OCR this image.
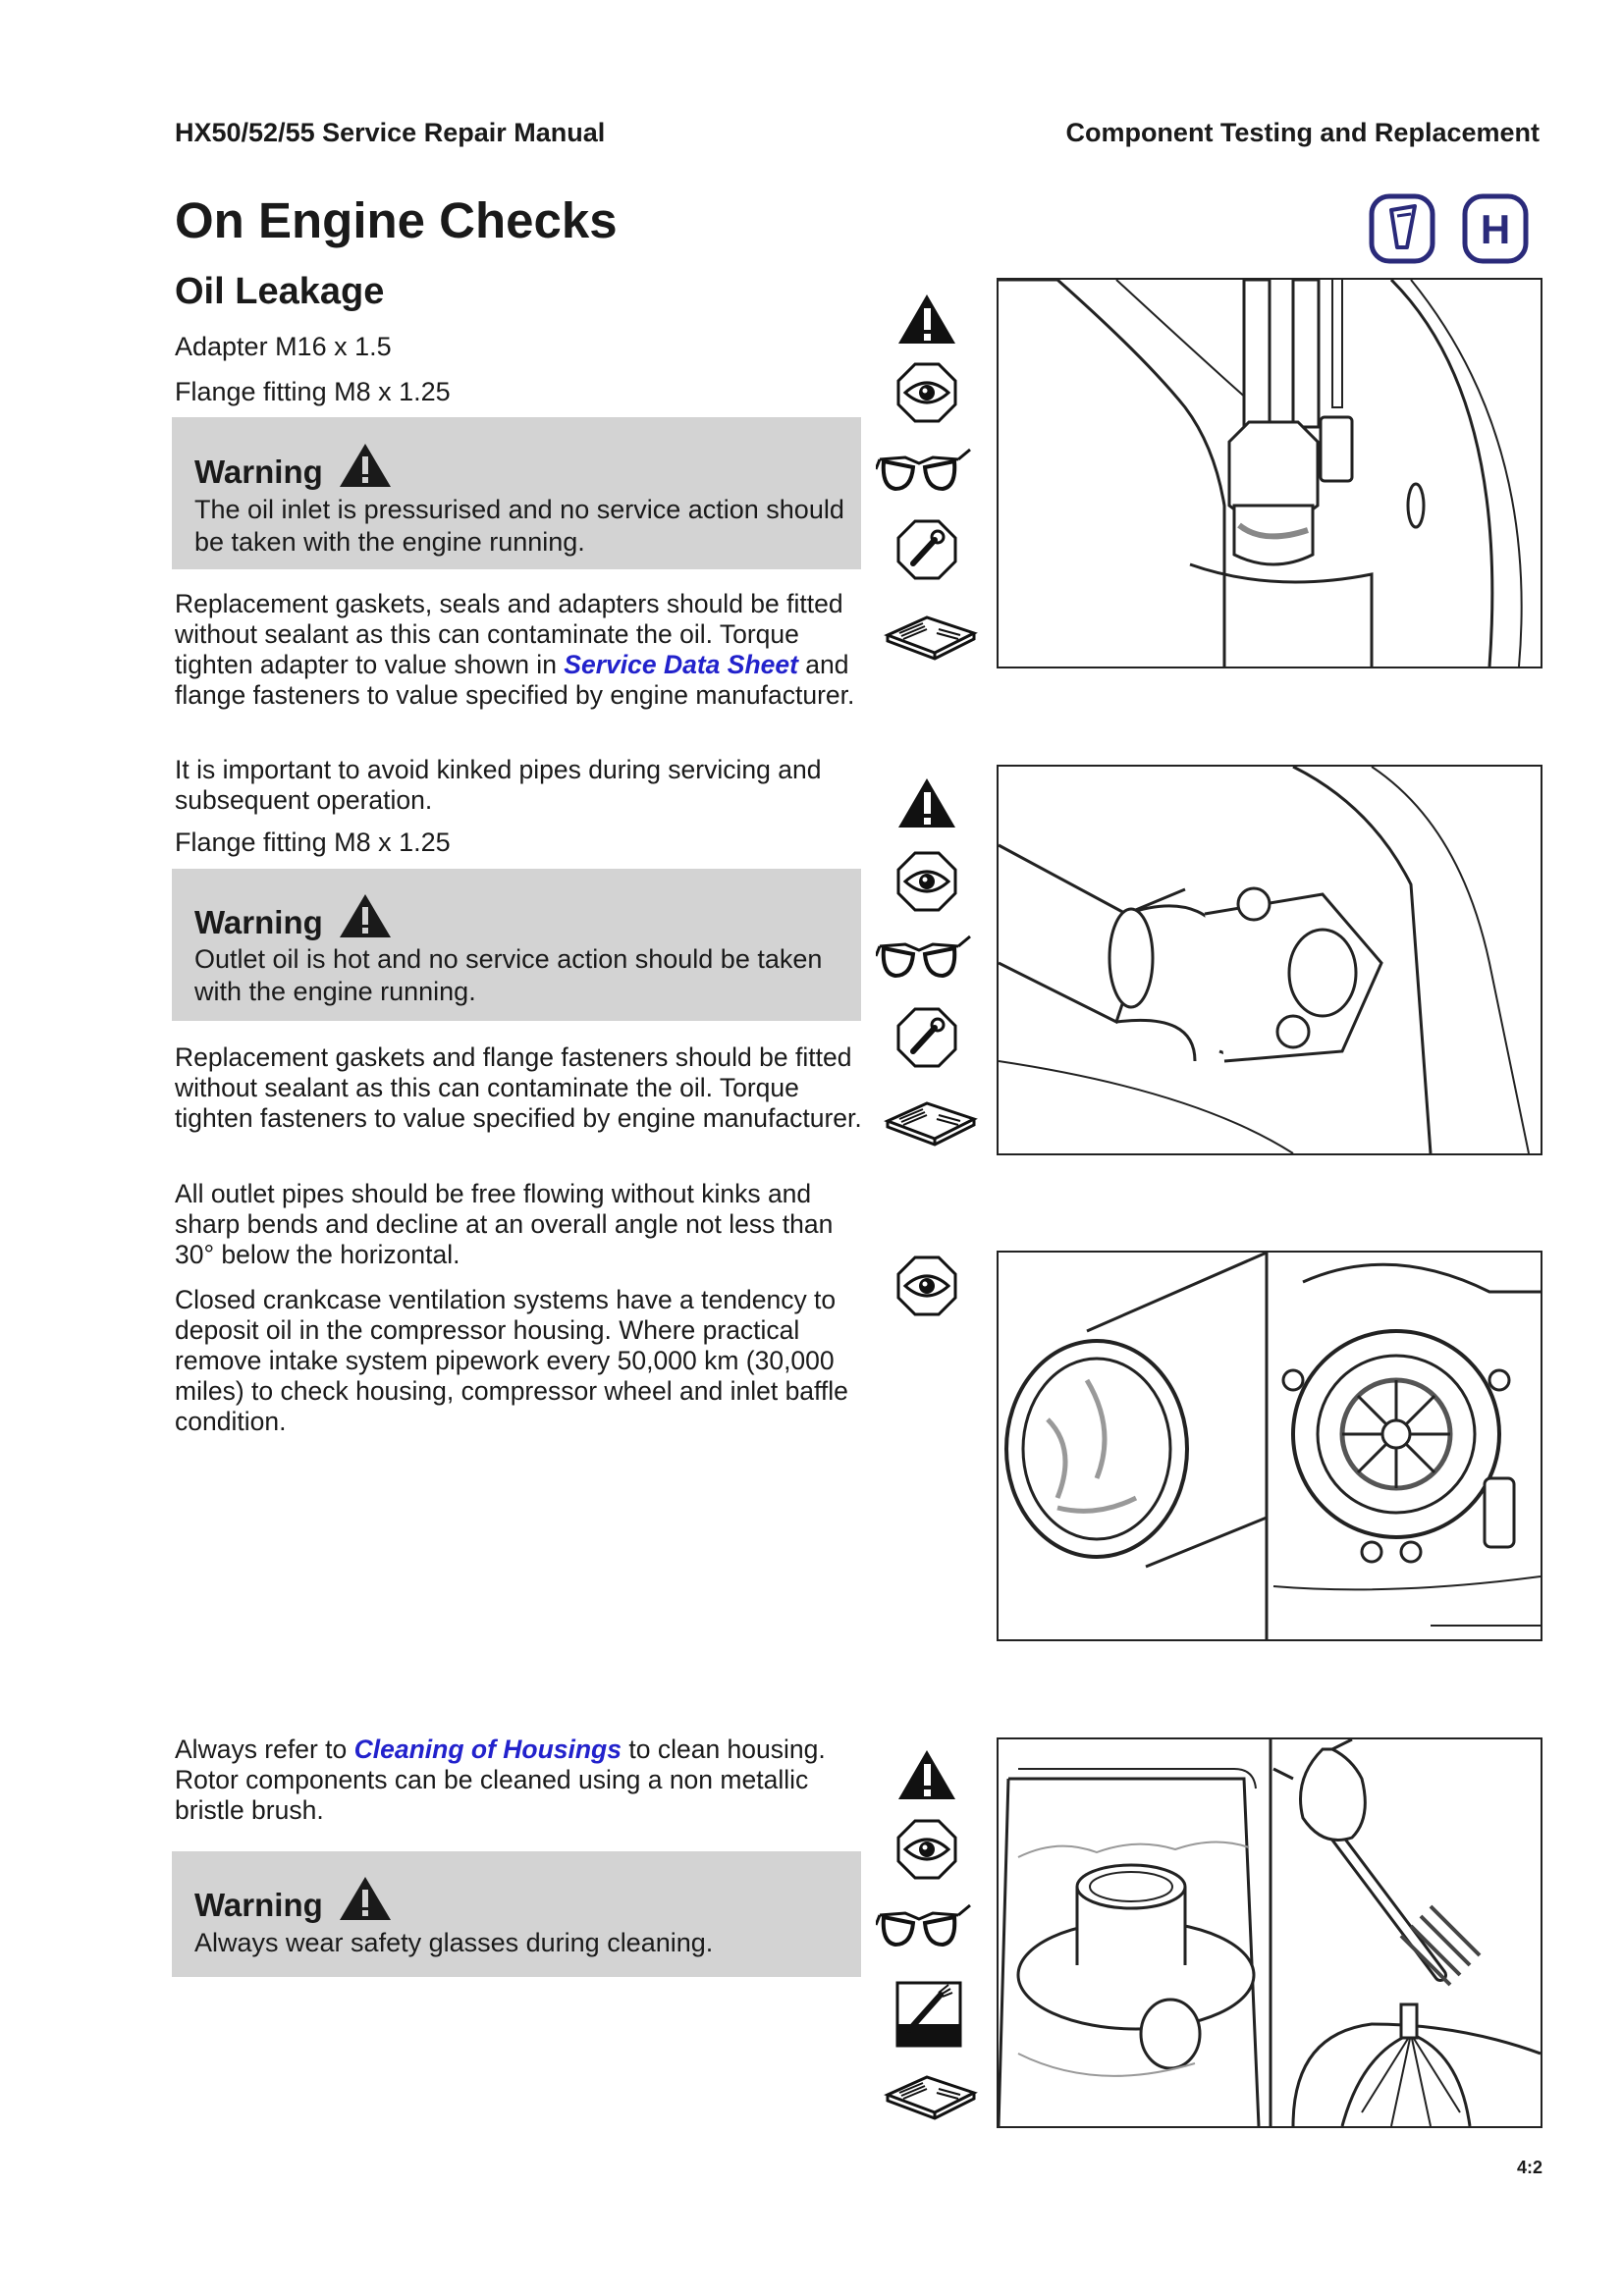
HX50/52/55 Service Repair Manual	Component Testing and Replacement
H
On Engine Checks
Oil Leakage
Adapter M16 x 1.5
Flange fitting M8 x 1.25
Warning
The oil inlet is pressurised and no service action should be taken with the engine running.
Replacement gaskets, seals and adapters should be fitted without sealant as this can contaminate the oil. Torque tighten adapter to value shown in Service Data Sheet and flange fasteners to value specified by engine manufacturer.
It is important to avoid kinked pipes during servicing and subsequent operation.
Flange fitting M8 x 1.25
Warning
Outlet oil is hot and no service action should be taken with the engine running.
Replacement gaskets and flange fasteners should be fitted without sealant as this can contaminate the oil. Torque tighten fasteners to value specified by engine manufacturer.
All outlet pipes should be free flowing without kinks and sharp bends and decline at an overall angle not less than 30° below the horizontal.
Closed crankcase ventilation systems have a tendency to deposit oil in the compressor housing. Where practical remove intake system pipework every 50,000 km (30,000 miles) to check housing, compressor wheel and inlet baffle condition.
Always refer to Cleaning of Housings to clean housing. Rotor components can be cleaned using a non metallic bristle brush.
Warning
Always wear safety glasses during cleaning.
4:2
